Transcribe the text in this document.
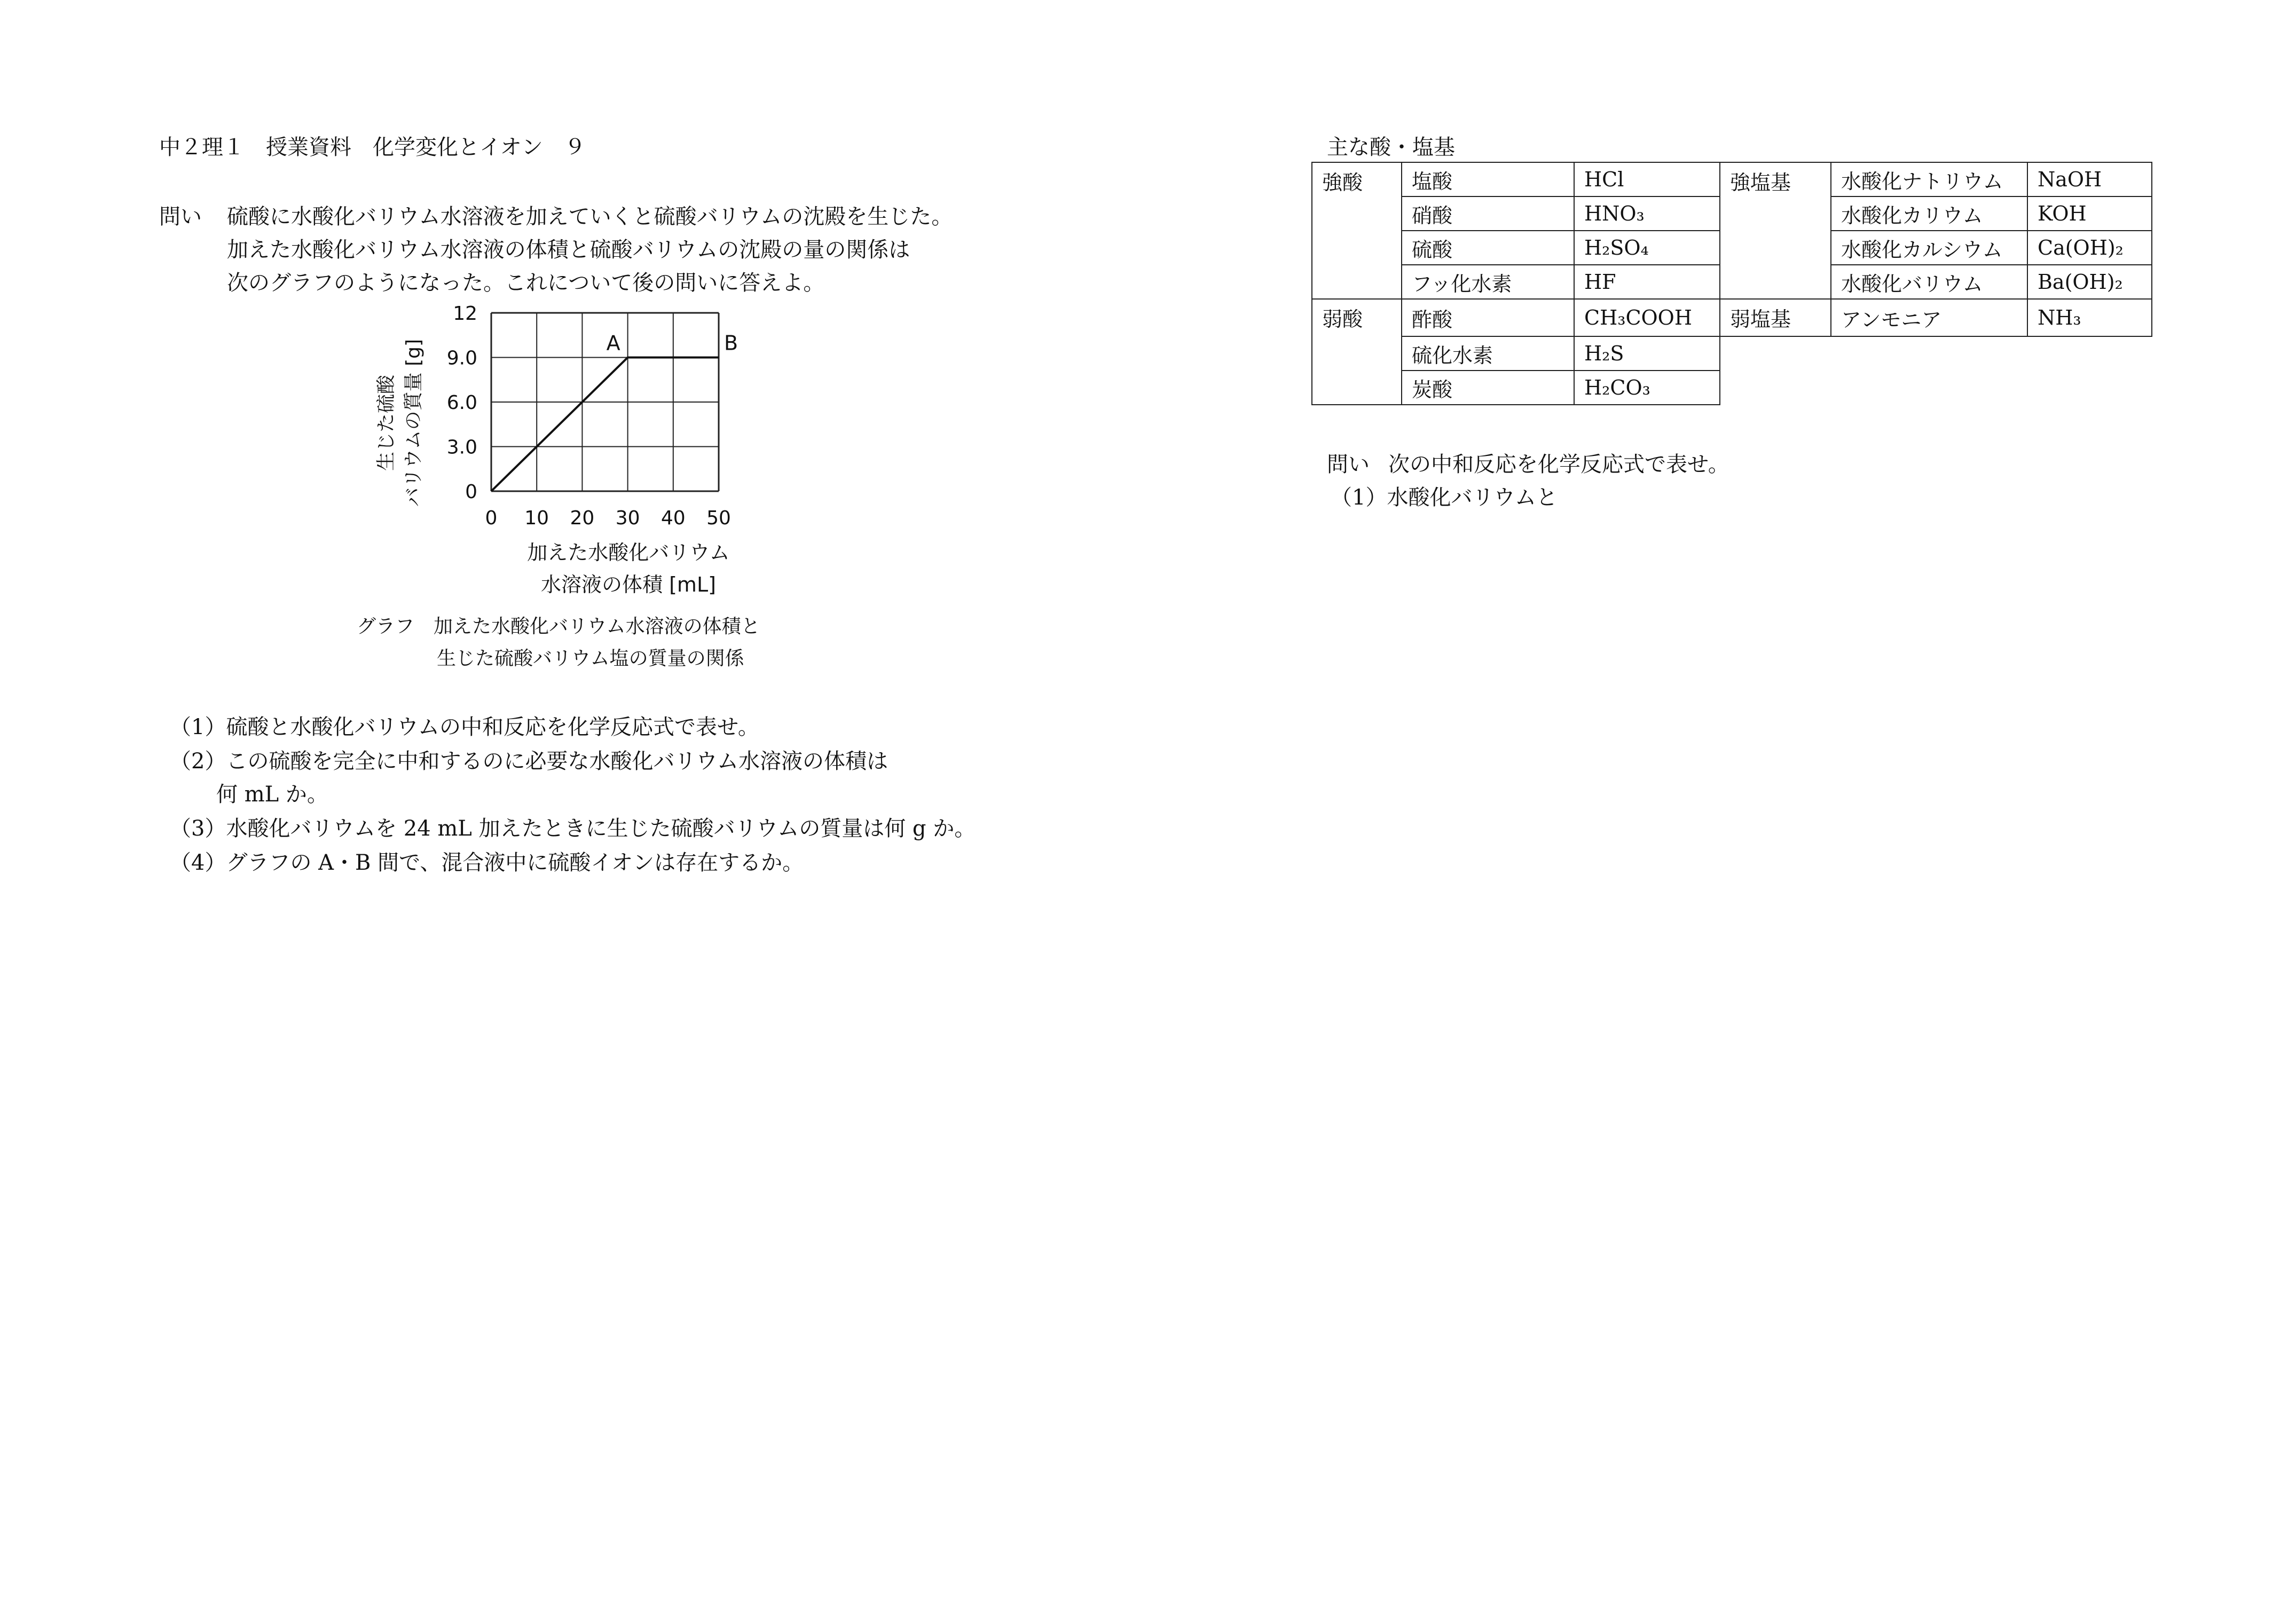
中２理１　授業資料　化学変化とイオン　９
問い 硫酸に水酸化バリウム水溶液を加えていくと硫酸バリウムの沈殿を生じた。
加えた水酸化バリウム水溶液の体積と硫酸バリウムの沈殿の量の関係は
次のグラフのようになった。これについて後の問いに答えよ。
0 10 20 30 40 50
0
3.0
6.0
9.0
12
A	B
加えた水酸化バリウム
水溶液の体積 [mL]
生じた硫酸 バリウムの質量 [g]
グラフ　 加えた水酸化バリウム水溶液の体積と
生じた硫酸バリウム塩の質量の関係
（1）硫酸と水酸化バリウムの中和反応を化学反応式で表せ。
（2）この硫酸を完全に中和するのに必要な水酸化バリウム水溶液の体積は
何 mL か。
（3）水酸化バリウムを 24 mL 加えたときに生じた硫酸バリウムの質量は何 g か。
（4）グラフの A・B 間で、混合液中に硫酸イオンは存在するか。
主な酸・塩基
強酸	塩酸	HCl	強塩基	水酸化ナトリウム	NaOH
	硝酸	HNO₃		水酸化カリウム	KOH
	硫酸	H₂SO₄		水酸化カルシウム	Ca(OH)₂
	フッ化水素	HF		水酸化バリウム	Ba(OH)₂
弱酸	酢酸	CH₃COOH	弱塩基	アンモニア	NH₃
	硫化水素	H₂S			
	炭酸	H₂CO₃			
問い 次の中和反応を化学反応式で表せ。
（1）水酸化バリウムと
